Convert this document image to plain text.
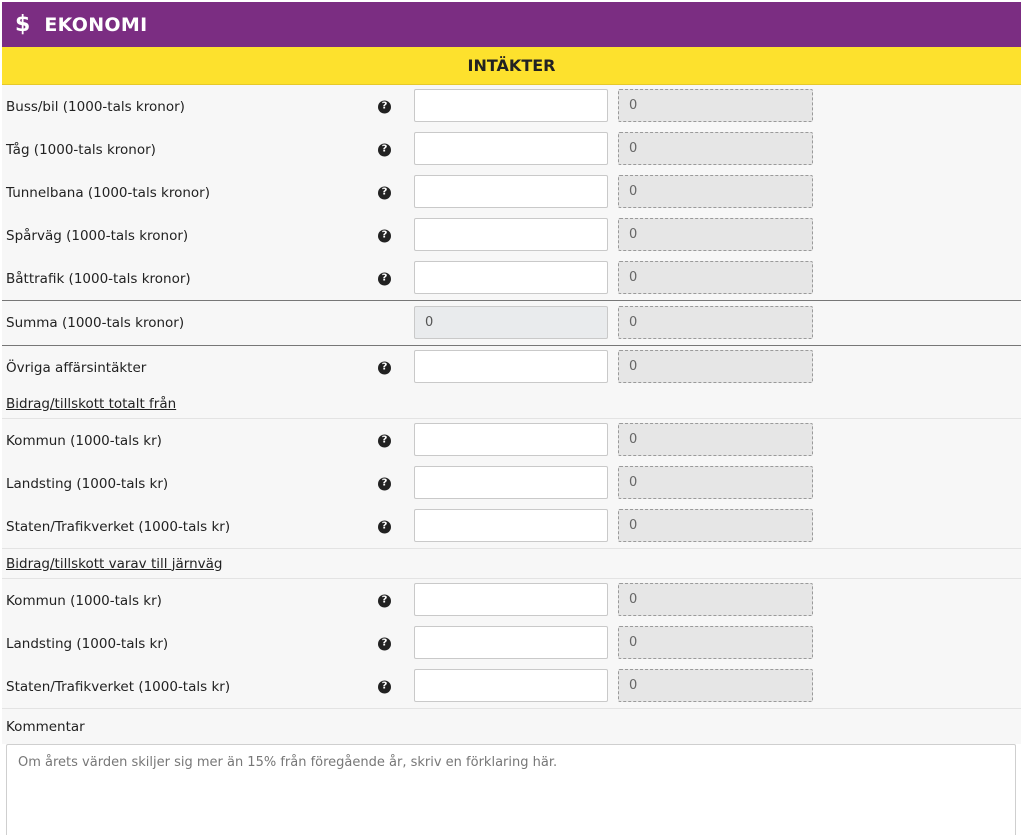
$ EKONOMI
INTÄKTER
Buss/bil (1000-tals kronor)	?	0
Tåg (1000-tals kronor)	?	0
Tunnelbana (1000-tals kronor)	?	0
Spårväg (1000-tals kronor)	?	0
Båttrafik (1000-tals kronor)	?	0
Summa (1000-tals kronor)	0	0
Övriga affärsintäkter	?	0
Bidrag/tillskott totalt från
Kommun (1000-tals kr)	?	0
Landsting (1000-tals kr)	?	0
Staten/Trafikverket (1000-tals kr)	?	0
Bidrag/tillskott varav till järnväg
Kommun (1000-tals kr)	?	0
Landsting (1000-tals kr)	?	0
Staten/Trafikverket (1000-tals kr)	?	0
Kommentar
Om årets värden skiljer sig mer än 15% från föregående år, skriv en förklaring här.
